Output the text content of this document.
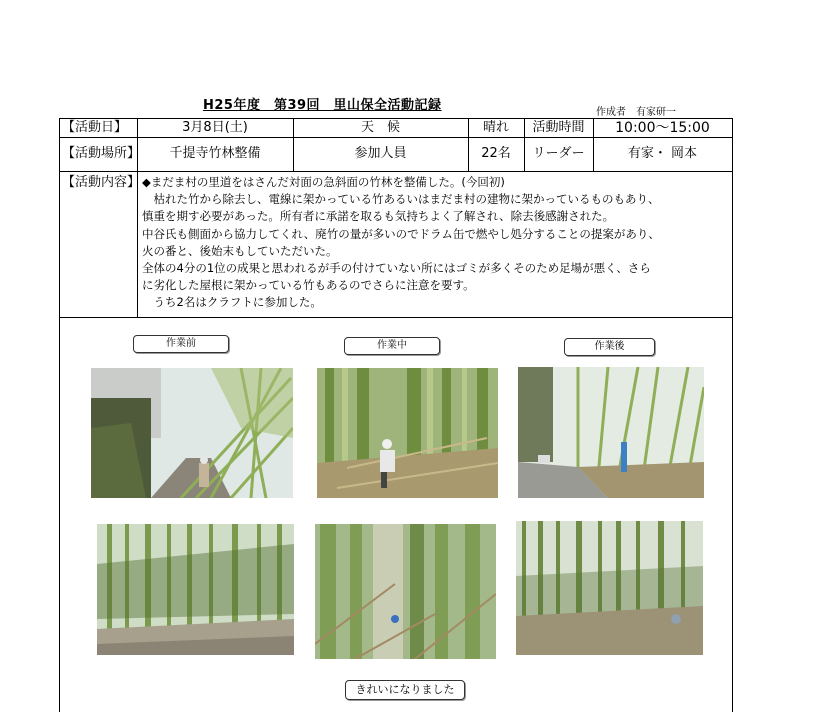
H25年度　第39回　里山保全活動記録	作成者　有家研一
【活動日】	3月8日(土)	天　候	晴れ	活動時間	10:00〜15:00
【活動場所】	千提寺竹林整備	参加人員	22名	リーダー	有家・ 岡本
【活動内容】 ◆まだま村の里道をはさんだ対面の急斜面の竹林を整備した。(今回初)
　枯れた竹から除去し、電線に架かっている竹あるいはまだま村の建物に架かっているものもあり、
慎重を期す必要があった。所有者に承諾を取るも気持ちよく了解され、除去後感謝された。
中谷氏も側面から協力してくれ、廃竹の量が多いのでドラム缶で燃やし処分することの提案があり、
火の番と、後始末もしていただいた。
全体の4分の1位の成果と思われるが手の付けていない所にはゴミが多くそのため足場が悪く、さら
に劣化した屋根に架かっている竹もあるのでさらに注意を要す。
　うち2名はクラフトに参加した。
作業前	作業中	作業後
きれいになりました
